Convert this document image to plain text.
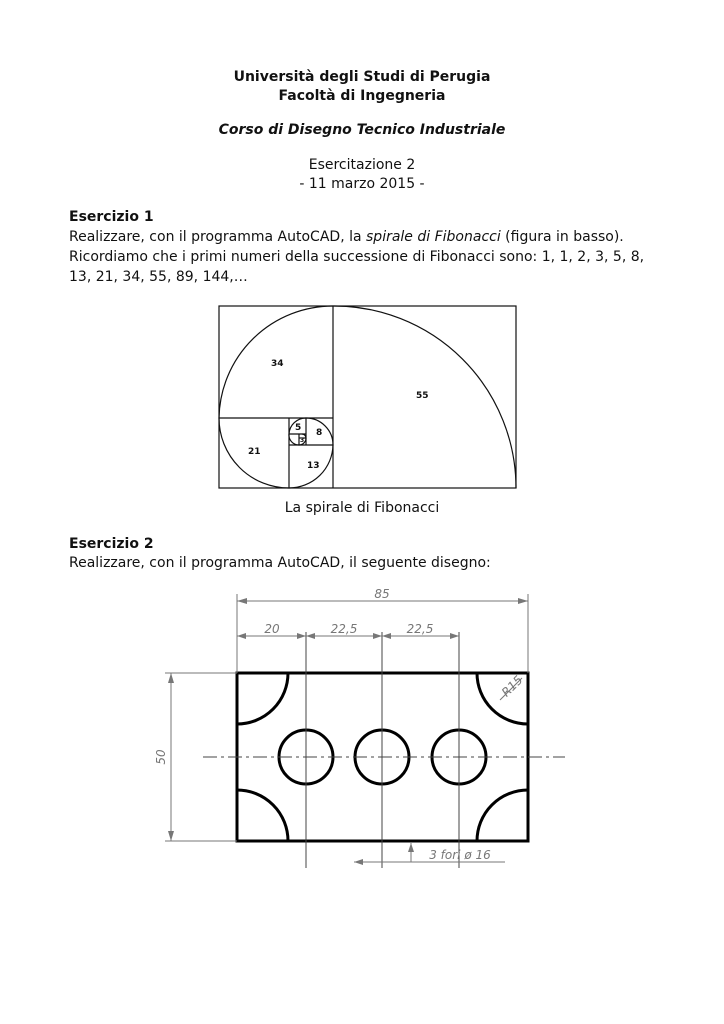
Università degli Studi di Perugia
Facoltà di Ingegneria
Corso di Disegno Tecnico Industriale
Esercitazione 2
- 11 marzo 2015 -
Esercizio 1
Realizzare, con il programma AutoCAD, la spirale di Fibonacci (figura in basso). Ricordiamo che i primi numeri della successione di Fibonacci sono: 1, 1, 2, 3, 5, 8, 13, 21, 34, 55, 89, 144,…
34
55
21
13
8
5
3
85
20	22,5	22,5
50
R15
3 fori ø 16
La spirale di Fibonacci
Esercizio 2
Realizzare, con il programma AutoCAD, il seguente disegno:
